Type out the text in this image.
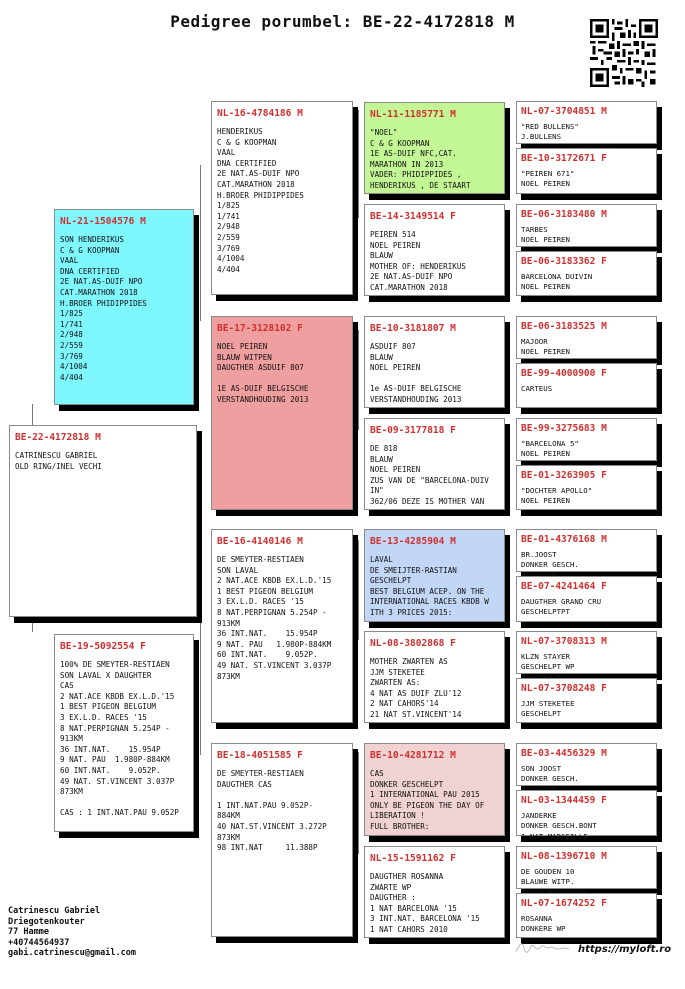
Pedigree porumbel: BE-22-4172818 M
BE-22-4172818 M
CATRINESCU GABRIEL
OLD RING/INEL VECHI
NL-21-1504576 M
SON HENDERIKUS
C & G KOOPMAN
VAAL
DNA CERTIFIED
2E NAT.AS-DUIF NPO
CAT.MARATHON 2018
H.BROER PHIDIPPIDES
1/825
1/741
2/948
2/559
3/769
4/1004
4/404
BE-19-5092554 F
100% DE SMEYTER-RESTIAEN
SON LAVAL X DAUGHTER
CAS
2 NAT.ACE KBDB EX.L.D.'15
1 BEST PIGEON BELGIUM
3 EX.L.D. RACES '15
8 NAT.PERPIGNAN 5.254P -
913KM
36 INT.NAT.    15.954P
9 NAT. PAU  1.980P-884KM
60 INT.NAT.    9.052P.
49 NAT. ST.VINCENT 3.037P
873KM

CAS : 1 INT.NAT.PAU 9.052P
NL-16-4784186 M
HENDERIKUS
C & G KOOPMAN
VAAL
DNA CERTIFIED
2E NAT.AS-DUIF NPO
CAT.MARATHON 2018
H.BROER PHIDIPPIDES
1/825
1/741
2/948
2/559
3/769
4/1004
4/404
BE-17-3128102 F
NOEL PEIREN
BLAUW WITPEN
DAUGTHER ASDUIF 807

1E AS-DUIF BELGISCHE
VERSTANDHOUDING 2013
BE-16-4140146 M
DE SMEYTER-RESTIAEN
SON LAVAL
2 NAT.ACE KBDB EX.L.D.'15
1 BEST PIGEON BELGIUM
3 EX.L.D. RACES '15
8 NAT.PERPIGNAN 5.254P -
913KM
36 INT.NAT.    15.954P
9 NAT. PAU   1.980P-884KM
60 INT.NAT.    9.052P.
49 NAT. ST.VINCENT 3.037P
873KM
BE-18-4051585 F
DE SMEYTER-RESTIAEN
DAUGTHER CAS

1 INT.NAT.PAU 9.052P-
884KM
40 NAT.ST.VINCENT 3.272P
873KM
98 INT.NAT     11.388P
NL-11-1185771 M
"NOEL"
C & G KOOPMAN
1E AS-DUIF NFC,CAT.
MARATHON IN 2013
VADER: PHIDIPPIDES ,
HENDERIKUS , DE STAART
BE-14-3149514 F
PEIREN 514
NOEL PEIREN
BLAUW
MOTHER OF: HENDERIKUS
2E NAT.AS-DUIF NPO
CAT.MARATHON 2018
BE-10-3181807 M
ASDUIF 807
BLAUW
NOEL PEIREN

1e AS-DUIF BELGISCHE
VERSTANDHOUDING 2013
BE-09-3177818 F
DE 818
BLAUW
NOEL PEIREN
ZUS VAN DE "BARCELONA-DUIV
IN"
362/06 DEZE IS MOTHER VAN
BE-13-4285904 M
LAVAL
DE SMEIJTER-RASTIAN
GESCHELPT
BEST BELGIUM ACEP. ON THE
INTERNATIONAL RACES KBDB W
ITH 3 PRICES 2015:
NL-08-3802868 F
MOTHER ZWARTEN AS
JJM STEKETEE
ZWARTEN AS:
4 NAT AS DUIF ZLU'12
2 NAT CAHORS'14
21 NAT ST.VINCENT'14
BE-10-4281712 M
CAS
DONKER GESCHELPT
1 INTERNATIONAL PAU 2015
ONLY BE PIGEON THE DAY OF
LIBERATION !
FULL BROTHER:
NL-15-1591162 F
DAUGTHER ROSANNA
ZWARTE WP
DAUGTHER :
1 NAT BARCELONA '15
3 INT.NAT. BARCELONA '15
1 NAT CAHORS 2010
NL-07-3704851 M
"RED BULLENS"
J.BULLENS

BE-10-3172671 F
"PEIREN 671"
NOEL PEIREN
BE-06-3183480 M
TARBES
NOEL PEIREN
BE-06-3183362 F
BARCELONA DUIVIN
NOEL PEIREN
BE-06-3183525 M
MAJOOR
NOEL PEIREN
BE-99-4000900 F
CARTEUS
BE-99-3275683 M
"BARCELONA 5"
NOEL PEIREN
BE-01-3263905 F
"DOCHTER APOLLO"
NOEL PEIREN
BE-01-4376168 M
BR.JOOST
DONKER GESCH.

BE-07-4241464 F
DAUGTHER GRAND CRU
GESCHELPTPT
NL-07-3708313 M
KLZN STAYER
GESCHELPT WP

NL-07-3708248 F
JJM STEKETEE
GESCHELPT
BE-03-4456329 M
SON JOOST
DONKER GESCH.

NL-03-1344459 F
JANDERKE
DONKER GESCH.BONT
1 NAT MARSEILLE
NL-08-1396710 M
DE GOUDEN 10
BLAUWE WITP.

NL-07-1674252 F
ROSANNA
DONKERE WP
Catrinescu Gabriel
Driegotenkouter
77 Hamme
+40744564937
gabi.catrinescu@gmail.com	https://myloft.ro
